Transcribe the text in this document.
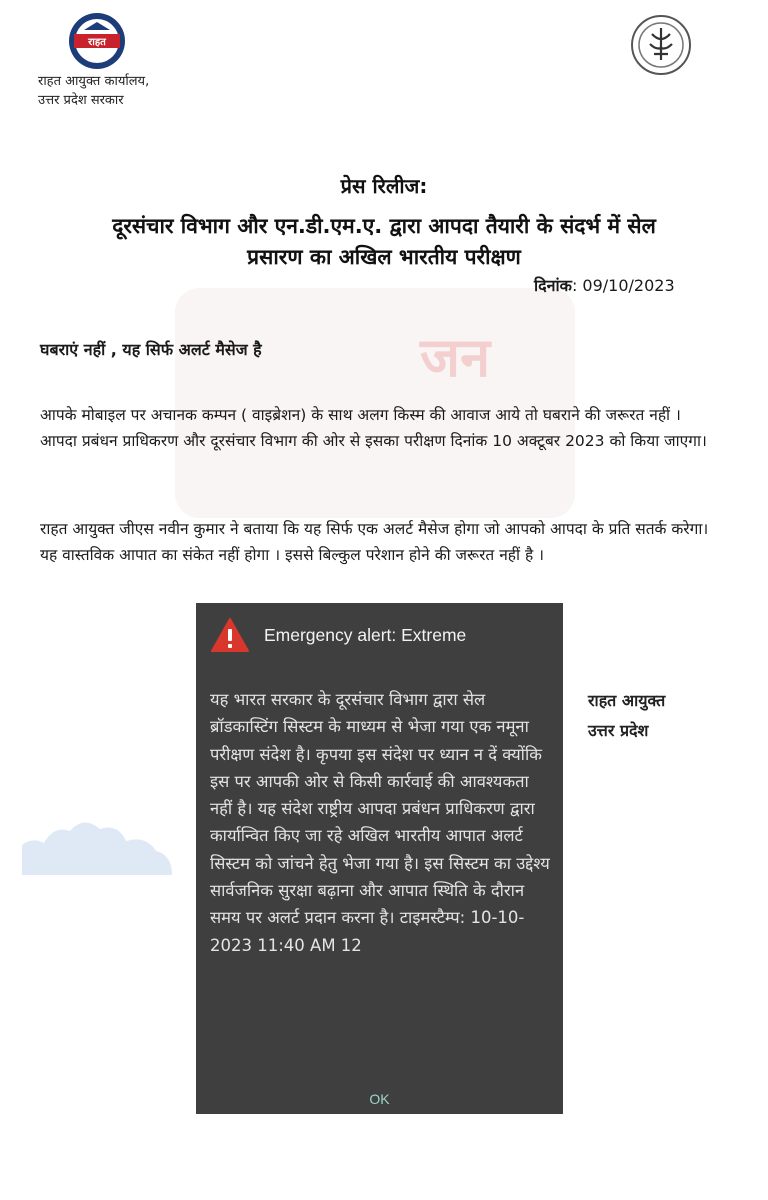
जन
राहत
राहत आयुक्त कार्यालय,
उत्तर प्रदेश सरकार
प्रेस रिलीज:
दूरसंचार विभाग और एन.डी.एम.ए. द्वारा आपदा तैयारी के संदर्भ में सेल
प्रसारण का अखिल भारतीय परीक्षण
दिनांक: 09/10/2023
घबराएं नहीं , यह सिर्फ अलर्ट मैसेज है
आपके मोबाइल पर अचानक कम्पन ( वाइब्रेशन) के साथ अलग किस्म की आवाज आये तो घबराने की जरूरत नहीं । आपदा प्रबंधन प्राधिकरण और दूरसंचार विभाग की ओर से इसका परीक्षण दिनांक 10 अक्टूबर 2023 को किया जाएगा।
राहत आयुक्त जीएस नवीन कुमार ने बताया कि यह सिर्फ एक अलर्ट मैसेज होगा जो आपको आपदा के प्रति सतर्क करेगा। यह वास्तविक आपात का संकेत नहीं होगा । इससे बिल्कुल परेशान होने की जरूरत नहीं है ।
राहत आयुक्त
उत्तर प्रदेश
Emergency alert: Extreme
यह भारत सरकार के दूरसंचार विभाग द्वारा सेल ब्रॉडकास्टिंग सिस्टम के माध्यम से भेजा गया एक नमूना परीक्षण संदेश है। कृपया इस संदेश पर ध्यान न दें क्योंकि इस पर आपकी ओर से किसी कार्रवाई की आवश्यकता नहीं है। यह संदेश राष्ट्रीय आपदा प्रबंधन प्राधिकरण द्वारा कार्यान्वित किए जा रहे अखिल भारतीय आपात अलर्ट सिस्टम को जांचने हेतु भेजा गया है। इस सिस्टम का उद्देश्य सार्वजनिक सुरक्षा बढ़ाना और आपात स्थिति के दौरान समय पर अलर्ट प्रदान करना है। टाइमस्टैम्प: 10-10-2023 11:40 AM 12
OK
